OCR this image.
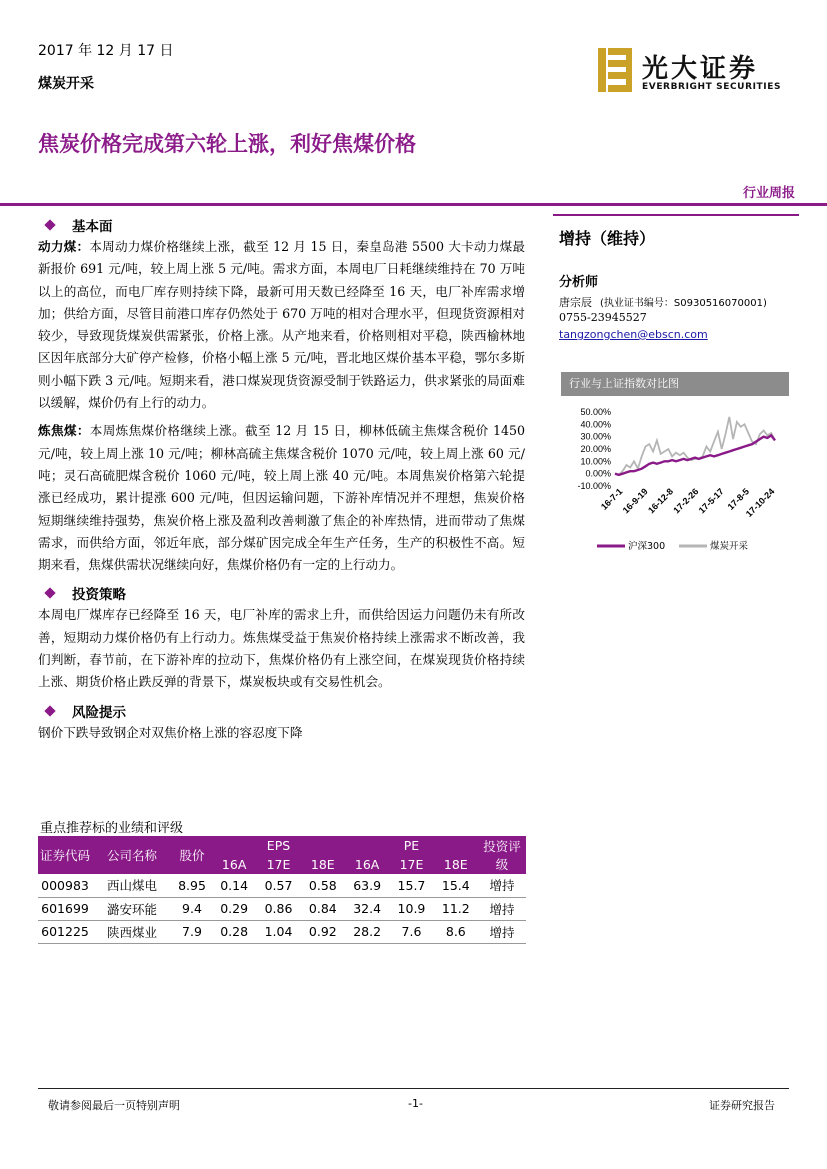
2017 年 12 月 17 日
煤炭开采	光大证券
EVERBRIGHT SECURITIES
焦炭价格完成第六轮上涨，利好焦煤价格
行业周报
基本面
动力煤：本周动力煤价格继续上涨，截至 12 月 15 日，秦皇岛港 5500 大卡动力煤最新报价 691 元/吨，较上周上涨 5 元/吨。需求方面，本周电厂日耗继续维持在 70 万吨以上的高位，而电厂库存则持续下降，最新可用天数已经降至 16 天，电厂补库需求增加；供给方面，尽管目前港口库存仍然处于 670 万吨的相对合理水平，但现货资源相对较少，导致现货煤炭供需紧张，价格上涨。从产地来看，价格则相对平稳，陕西榆林地区因年底部分大矿停产检修，价格小幅上涨 5 元/吨，晋北地区煤价基本平稳，鄂尔多斯则小幅下跌 3 元/吨。短期来看，港口煤炭现货资源受制于铁路运力，供求紧张的局面难以缓解，煤价仍有上行的动力。
炼焦煤：本周炼焦煤价格继续上涨。截至 12 月 15 日，柳林低硫主焦煤含税价 1450 元/吨，较上周上涨 10 元/吨；柳林高硫主焦煤含税价 1070 元/吨，较上周上涨 60 元/吨；灵石高硫肥煤含税价 1060 元/吨，较上周上涨 40 元/吨。本周焦炭价格第六轮提涨已经成功，累计提涨 600 元/吨，但因运输问题，下游补库情况并不理想，焦炭价格短期继续维持强势，焦炭价格上涨及盈利改善刺激了焦企的补库热情，进而带动了焦煤需求，而供给方面，邻近年底，部分煤矿因完成全年生产任务，生产的积极性不高。短期来看，焦煤供需状况继续向好，焦煤价格仍有一定的上行动力。
投资策略
本周电厂煤库存已经降至 16 天，电厂补库的需求上升，而供给因运力问题仍未有所改善，短期动力煤价格仍有上行动力。炼焦煤受益于焦炭价格持续上涨需求不断改善，我们判断，春节前，在下游补库的拉动下，焦煤价格仍有上涨空间，在煤炭现货价格持续上涨、期货价格止跌反弹的背景下，煤炭板块或有交易性机会。
风险提示
钢价下跌导致钢企对双焦价格上涨的容忍度下降
增持（维持）
分析师
唐宗辰 (执业证书编号：S0930516070001)
0755-23945527
tangzongchen@ebscn.com
行业与上证指数对比图
50.00%
40.00%
30.00%
20.00%
10.00%
0.00%
-10.00%
16-7-1
16-9-19
16-12-8
17-2-26
17-5-17 17-8-5
17-10-24
沪深300	煤炭开采
重点推荐标的业绩和评级
证券代码	公司名称	股价	EPS			PE			投资评级
			16A	17E	18E	16A	17E	18E	
000983	西山煤电	8.95	0.14	0.57	0.58	63.9	15.7	15.4	增持
601699	潞安环能	9.4	0.29	0.86	0.84	32.4	10.9	11.2	增持
601225	陕西煤业	7.9	0.28	1.04	0.92	28.2	7.6	8.6	增持
敬请参阅最后一页特别声明	-1-	证券研究报告
